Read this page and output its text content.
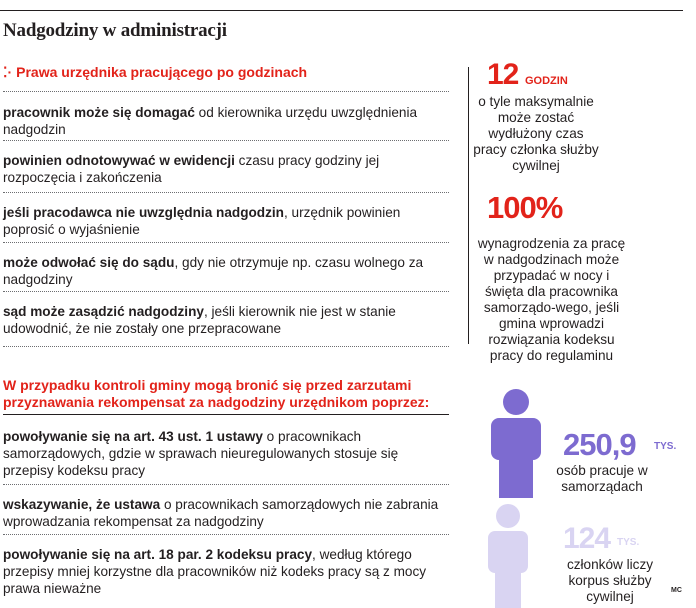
Nadgodziny w administracji
⁚· Prawa urzędnika pracującego po godzinach
pracownik może się domagać od kierownika urzędu uwzględnienia nadgodzin
powinien odnotowywać w ewidencji czasu pracy godziny jej rozpoczęcia i zakończenia
jeśli pracodawca nie uwzględnia nadgodzin, urzędnik powinien poprosić o wyjaśnienie
może odwołać się do sądu, gdy nie otrzymuje np. czasu wolnego za nadgodziny
sąd może zasądzić nadgodziny, jeśli kierownik nie jest w stanie udowodnić, że nie zostały one przepracowane
12 GODZIN
o tyle maksymalnie może zostać wydłużony czas pracy członka służby cywilnej
100%
wynagrodzenia za pracę w nadgodzinach może przypadać w nocy i święta dla pracownika samorządo-wego, jeśli gmina wprowadzi rozwiązania kodeksu pracy do regulaminu
W przypadku kontroli gminy mogą bronić się przed zarzutami przyznawania rekompensat za nadgodziny urzędnikom poprzez:
powoływanie się na art. 43 ust. 1 ustawy o pracownikach samorządowych, gdzie w sprawach nieuregulowanych stosuje się przepisy kodeksu pracy
wskazywanie, że ustawa o pracownikach samorządowych nie zabrania wprowadzania rekompensat za nadgodziny
powoływanie się na art. 18 par. 2 kodeksu pracy, według którego przepisy mniej korzystne dla pracowników niż kodeks pracy są z mocy prawa nieważne
250,9 TYS.
osób pracuje w samorządach
124 TYS.
członków liczy korpus służby cywilnej	MC
